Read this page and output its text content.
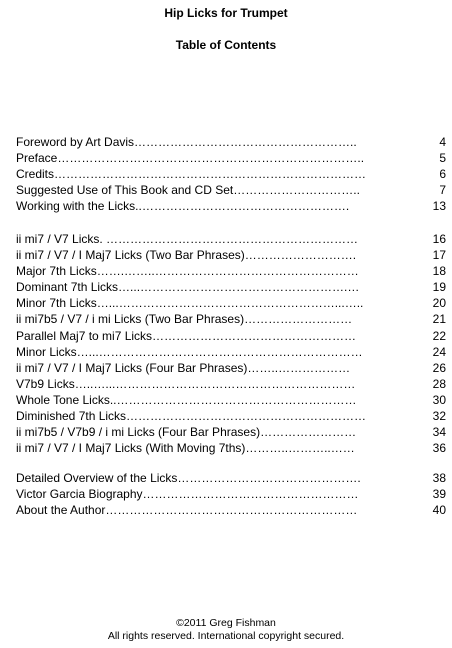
Hip Licks for Trumpet
Table of Contents
Foreword by Art Davis………………………………………………..	4
Preface…………………………………………………………………..	5
Credits……………………………………………………………………	6
Suggested Use of This Book and CD Set…………………………..	7
Working with the Licks..…………………………………………….	13
ii mi7 / V7 Licks. ………………………………………………………	16
ii mi7 / V7 / I Maj7 Licks (Two Bar Phrases)……………………….	17
Major 7th Licks…….……..……………………………………………	18
Dominant 7th Licks…...…………………………………………….…	19
Minor 7th Licks…...………………………………………………...…..	20
ii mi7b5 / V7 / i mi Licks (Two Bar Phrases)………………………	21
Parallel Maj7 to mi7 Licks……………………………………………	22
Minor Licks…...…………………………………………………………	24
ii mi7 / V7 / I Maj7 Licks (Four Bar Phrases)……..………………	26
V7b9 Licks…..…...……………………………………………………	28
Whole Tone Licks..……………………………………………………	30
Diminished 7th Licks……………………………………………………	32
ii mi7b5 / V7b9 / i mi Licks (Four Bar Phrases)……………………	34
ii mi7 / V7 / I Maj7 Licks (With Moving 7ths)………..………..……	36
Detailed Overview of the Licks……………………………………….	38
Victor Garcia Biography………………………………………………	39
About the Author………………………………………………………	40
©2011 Greg Fishman
All rights reserved. International copyright secured.
